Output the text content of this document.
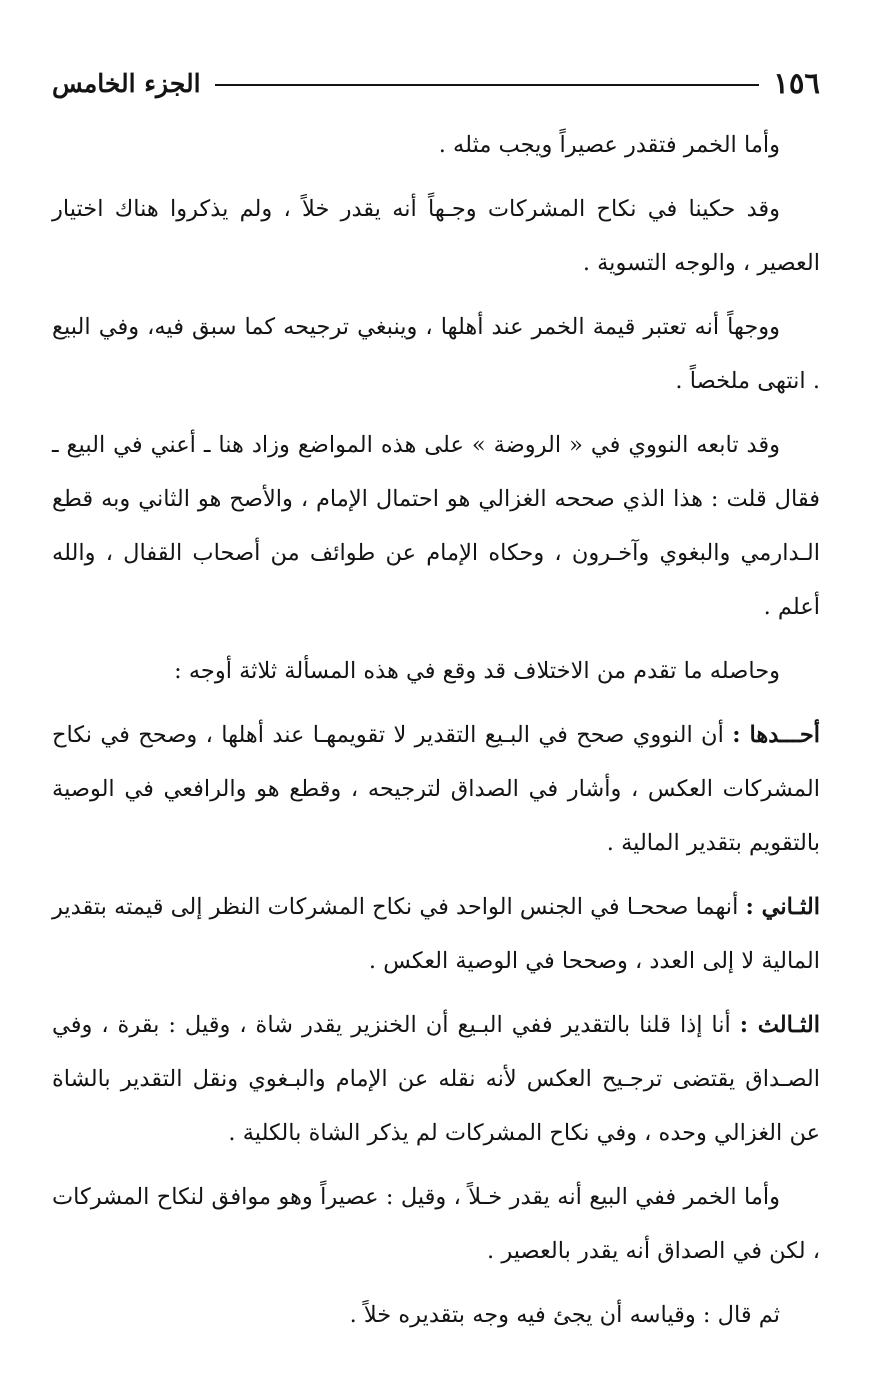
١٥٦
الجزء الخامس

وأما الخمر فتقدر عصيراً ويجب مثله .

وقد حكينا في نكاح المشركات وجـهاً أنه يقدر خلاً ، ولم يذكروا هناك اختيار العصير ، والوجه التسوية .

ووجهاً أنه تعتبر قيمة الخمر عند أهلها ، وينبغي ترجيحه كما سبق فيه، وفي البيع . انتهى ملخصاً .

وقد تابعه النووي في « الروضة » على هذه المواضع وزاد هنا ـ أعني في البيع ـ فقال قلت : هذا الذي صححه الغزالي هو احتمال الإمام ، والأصح هو الثاني وبه قطع الـدارمي والبغوي وآخـرون ، وحكاه الإمام عن طوائف من أصحاب القفال ، والله أعلم .

وحاصله ما تقدم من الاختلاف قد وقع في هذه المسألة ثلاثة أوجه :

أحـــدها : أن النووي صحح في البـيع التقدير لا تقويمهـا عند أهلها ، وصحح في نكاح المشركات العكس ، وأشار في الصداق لترجيحه ، وقطع هو والرافعي في الوصية بالتقويم بتقدير المالية .

الثـاني : أنهما صححـا في الجنس الواحد في نكاح المشركات النظر إلى قيمته بتقدير المالية لا إلى العدد ، وصححا في الوصية العكس .

الثـالث : أنا إذا قلنا بالتقدير ففي البـيع أن الخنزير يقدر شاة ، وقيل : بقرة ، وفي الصـداق يقتضى ترجـيح العكس لأنه نقله عن الإمام والبـغوي ونقل التقدير بالشاة عن الغزالي وحده ، وفي نكاح المشركات لم يذكر الشاة بالكلية .

وأما الخمر ففي البيع أنه يقدر خـلاً ، وقيل : عصيراً وهو موافق لنكاح المشركات ، لكن في الصداق أنه يقدر بالعصير .

ثم قال : وقياسه أن يجئ فيه وجه بتقديره خلاً .
